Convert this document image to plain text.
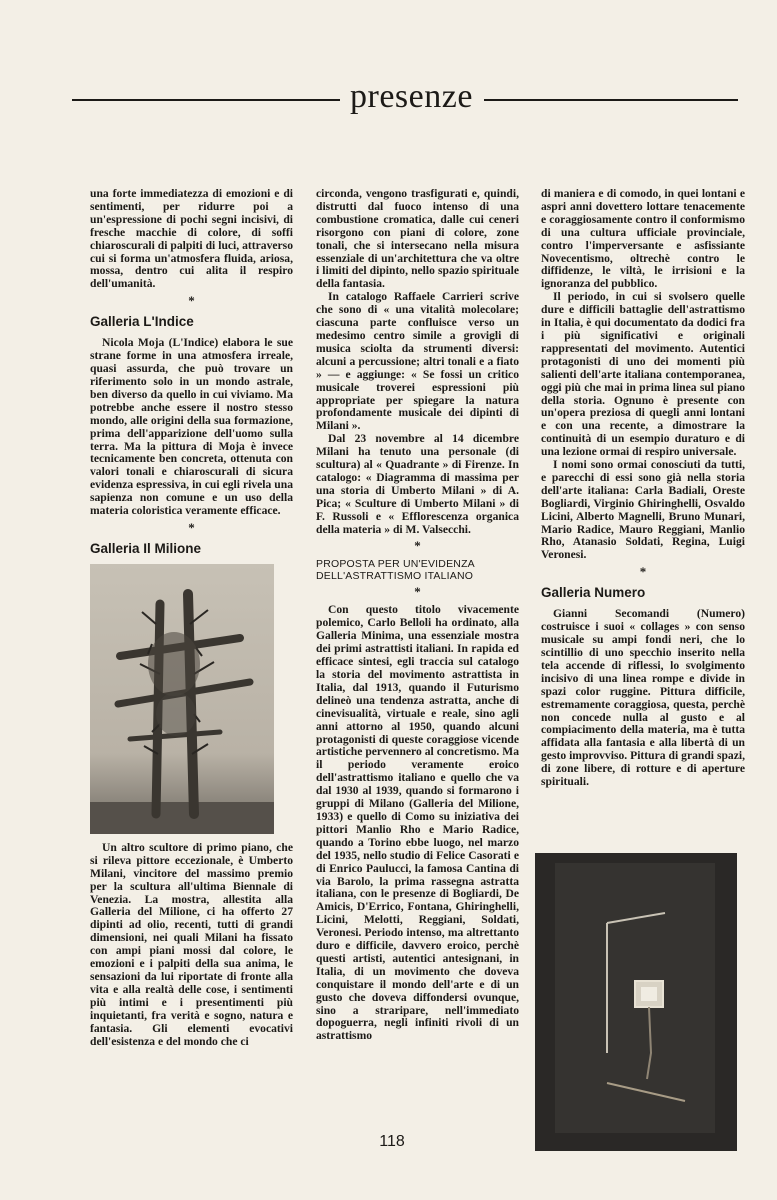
presenze

una forte immediatezza di emozioni e di sentimenti, per ridurre poi a un'espressione di pochi segni incisivi, di fresche macchie di colore, di soffi chiaroscurali di palpiti di luci, attraverso cui si forma un'atmosfera fluida, ariosa, mossa, dentro cui alita il respiro dell'umanità.

*
Galleria L'Indice

Nicola Moja (L'Indice) elabora le sue strane forme in una atmosfera irreale, quasi assurda, che può trovare un riferimento solo in un mondo astrale, ben diverso da quello in cui viviamo. Ma potrebbe anche essere il nostro stesso mondo, alle origini della sua formazione, prima dell'apparizione dell'uomo sulla terra. Ma la pittura di Moja è invece tecnicamente ben concreta, ottenuta con valori tonali e chiaroscurali di sicura evidenza espressiva, in cui egli rivela una sapienza non comune e un uso della materia coloristica veramente efficace.

*
Galleria Il Milione

Un altro scultore di primo piano, che si rileva pittore eccezionale, è Umberto Milani, vincitore del massimo premio per la scultura all'ultima Biennale di Venezia. La mostra, allestita alla Galleria del Milione, ci ha offerto 27 dipinti ad olio, recenti, tutti di grandi dimensioni, nei quali Milani ha fissato con ampi piani mossi dal colore, le emozioni e i palpiti della sua anima, le sensazioni da lui riportate di fronte alla vita e alla realtà delle cose, i sentimenti più intimi e i presentimenti più inquietanti, fra verità e sogno, natura e fantasia. Gli elementi evocativi dell'esistenza e del mondo che ci

circonda, vengono trasfigurati e, quindi, distrutti dal fuoco intenso di una combustione cromatica, dalle cui ceneri risorgono con piani di colore, zone tonali, che si intersecano nella misura essenziale di un'architettura che va oltre i limiti del dipinto, nello spazio spirituale della fantasia.

In catalogo Raffaele Carrieri scrive che sono di « una vitalità molecolare; ciascuna parte confluisce verso un medesimo centro simile a grovigli di musica sciolta da strumenti diversi: alcuni a percussione; altri tonali e a fiato » — e aggiunge: « Se fossi un critico musicale troverei espressioni più appropriate per spiegare la natura profondamente musicale dei dipinti di Milani ».

Dal 23 novembre al 14 dicembre Milani ha tenuto una personale (di scultura) al « Quadrante » di Firenze. In catalogo: « Diagramma di massima per una storia di Umberto Milani » di A. Pica; « Sculture di Umberto Milani » di F. Russoli e « Efflorescenza organica della materia » di M. Valsecchi.

*
PROPOSTA PER UN'EVIDENZA DELL'ASTRATTISMO ITALIANO
*

Con questo titolo vivacemente polemico, Carlo Belloli ha ordinato, alla Galleria Minima, una essenziale mostra dei primi astrattisti italiani. In rapida ed efficace sintesi, egli traccia sul catalogo la storia del movimento astrattista in Italia, dal 1913, quando il Futurismo delineò una tendenza astratta, anche di cinevisualità, virtuale e reale, sino agli anni attorno al 1950, quando alcuni protagonisti di queste coraggiose vicende artistiche pervennero al concretismo. Ma il periodo veramente eroico dell'astrattismo italiano e quello che va dal 1930 al 1939, quando si formarono i gruppi di Milano (Galleria del Milione, 1933) e quello di Como su iniziativa dei pittori Manlio Rho e Mario Radice, quando a Torino ebbe luogo, nel marzo del 1935, nello studio di Felice Casorati e di Enrico Paulucci, la famosa Cantina di via Barolo, la prima rassegna astratta italiana, con le presenze di Bogliardi, De Amicis, D'Errico, Fontana, Ghiringhelli, Licini, Melotti, Reggiani, Soldati, Veronesi. Periodo intenso, ma altrettanto duro e difficile, davvero eroico, perchè questi artisti, autentici antesignani, in Italia, di un movimento che doveva conquistare il mondo dell'arte e di un gusto che doveva diffondersi ovunque, sino a straripare, nell'immediato dopoguerra, negli infiniti rivoli di un astrattismo

di maniera e di comodo, in quei lontani e aspri anni dovettero lottare tenacemente e coraggiosamente contro il conformismo di una cultura ufficiale provinciale, contro l'imperversante e asfissiante Novecentismo, oltrechè contro le diffidenze, le viltà, le irrisioni e la ignoranza del pubblico.

Il periodo, in cui si svolsero quelle dure e difficili battaglie dell'astrattismo in Italia, è qui documentato da dodici fra i più significativi e originali rappresentati del movimento. Autentici protagonisti di uno dei momenti più salienti dell'arte italiana contemporanea, oggi più che mai in prima linea sul piano della storia. Ognuno è presente con un'opera preziosa di quegli anni lontani e con una recente, a dimostrare la continuità di un esempio duraturo e di una lezione ormai di respiro universale.

I nomi sono ormai conosciuti da tutti, e parecchi di essi sono già nella storia dell'arte italiana: Carla Badiali, Oreste Bogliardi, Virginio Ghiringhelli, Osvaldo Licini, Alberto Magnelli, Bruno Munari, Mario Radice, Mauro Reggiani, Manlio Rho, Atanasio Soldati, Regina, Luigi Veronesi.

*
Galleria Numero

Gianni Secomandi (Numero) costruisce i suoi « collages » con senso musicale su ampi fondi neri, che lo scintillio di uno specchio inserito nella tela accende di riflessi, lo svolgimento incisivo di una linea rompe e divide in spazi color ruggine. Pittura difficile, estremamente coraggiosa, questa, perchè non concede nulla al gusto e al compiacimento della materia, ma è tutta affidata alla fantasia e alla libertà di un gesto improvviso. Pittura di grandi spazi, di zone libere, di rotture e di aperture spirituali.

118
